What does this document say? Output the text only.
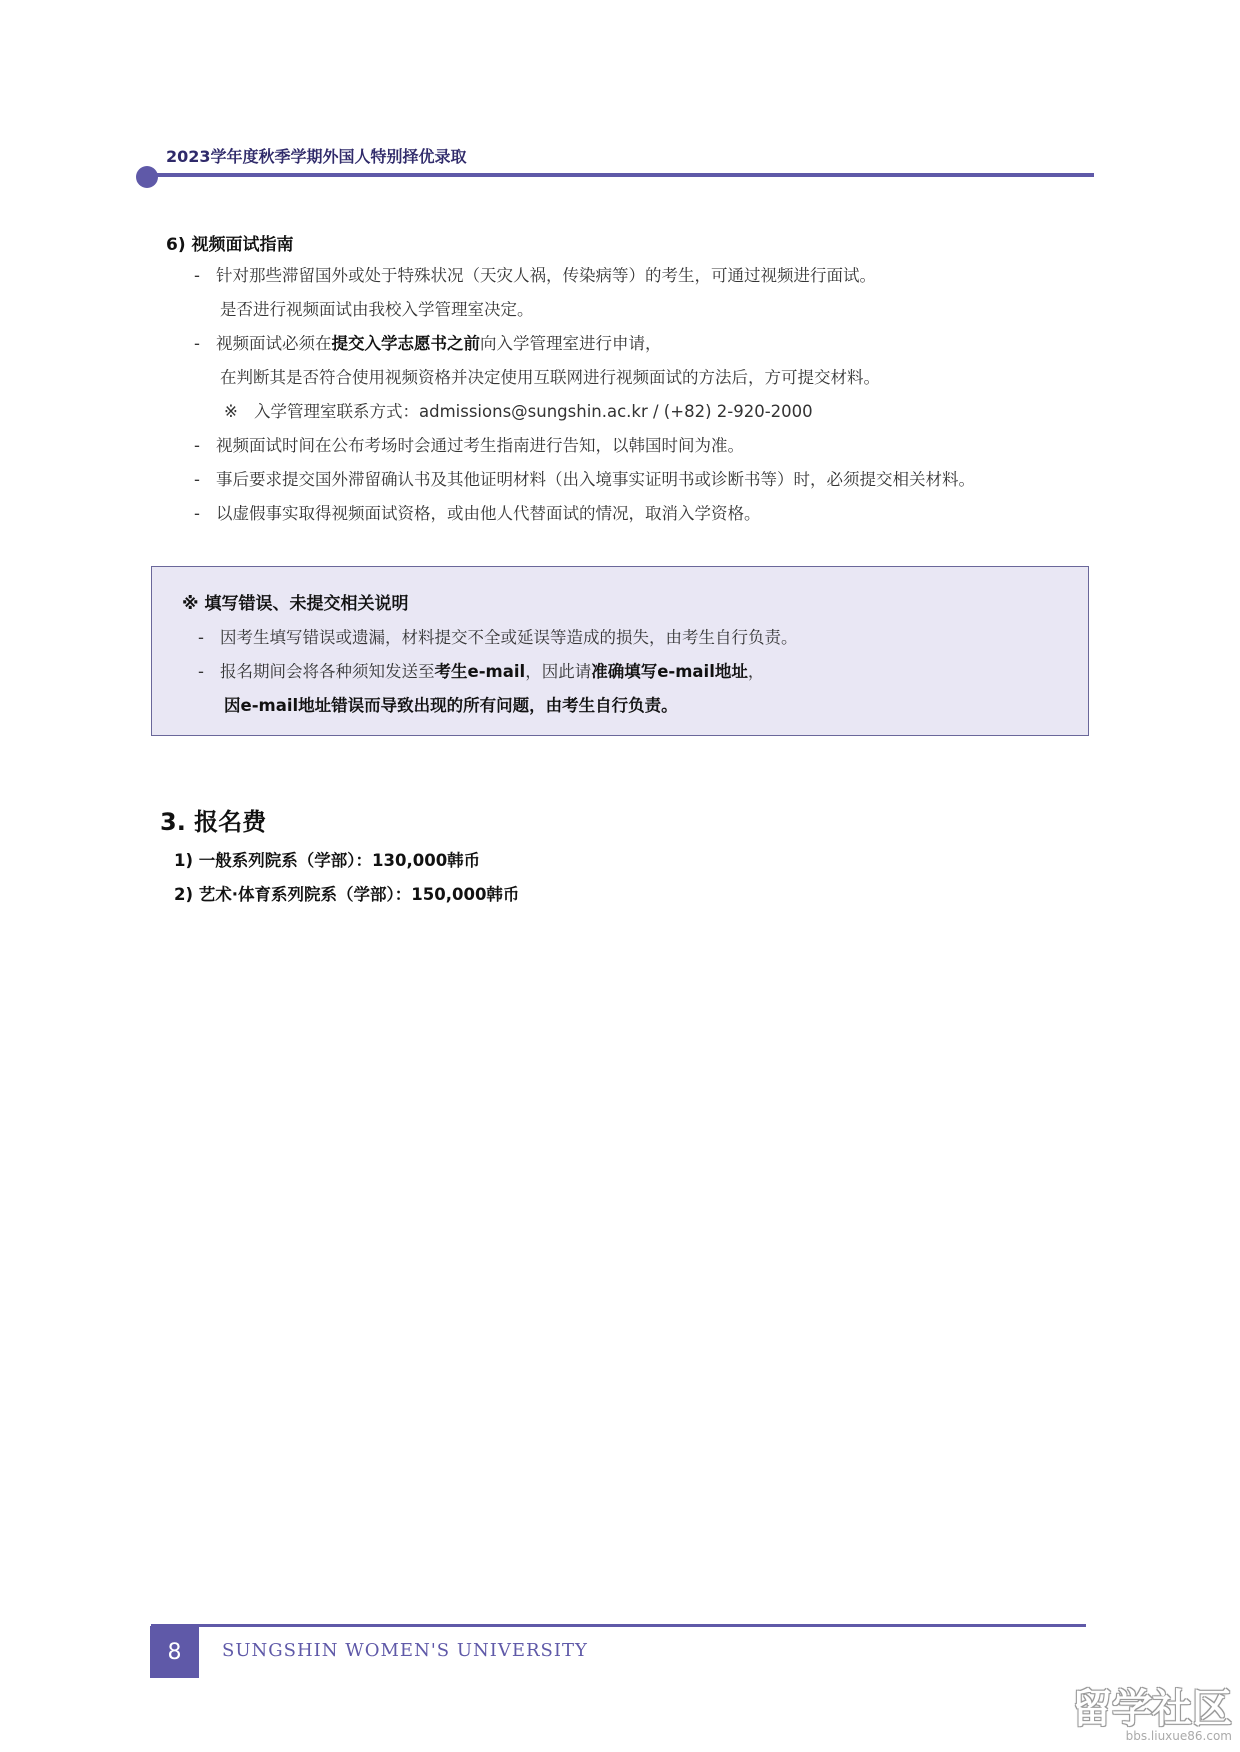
2023学年度秋季学期外国人特别择优录取
6) 视频面试指南
- 针对那些滞留国外或处于特殊状况（天灾人祸，传染病等）的考生，可通过视频进行面试。
是否进行视频面试由我校入学管理室决定。
- 视频面试必须在提交入学志愿书之前向入学管理室进行申请，
在判断其是否符合使用视频资格并决定使用互联网进行视频面试的方法后，方可提交材料。
※ 入学管理室联系方式：admissions@sungshin.ac.kr / (+82) 2-920-2000
- 视频面试时间在公布考场时会通过考生指南进行告知，以韩国时间为准。
- 事后要求提交国外滞留确认书及其他证明材料（出入境事实证明书或诊断书等）时，必须提交相关材料。
- 以虚假事实取得视频面试资格，或由他人代替面试的情况，取消入学资格。
※ 填写错误、未提交相关说明
- 因考生填写错误或遗漏，材料提交不全或延误等造成的损失，由考生自行负责。
- 报名期间会将各种须知发送至考生e-mail，因此请准确填写e-mail地址，
因e-mail地址错误而导致出现的所有问题，由考生自行负责。
3. 报名费
1) 一般系列院系（学部）：130,000韩币
2) 艺术·体育系列院系（学部）：150,000韩币
8	SUNGSHIN WOMEN'S UNIVERSITY
留学社区
bbs.liuxue86.com
